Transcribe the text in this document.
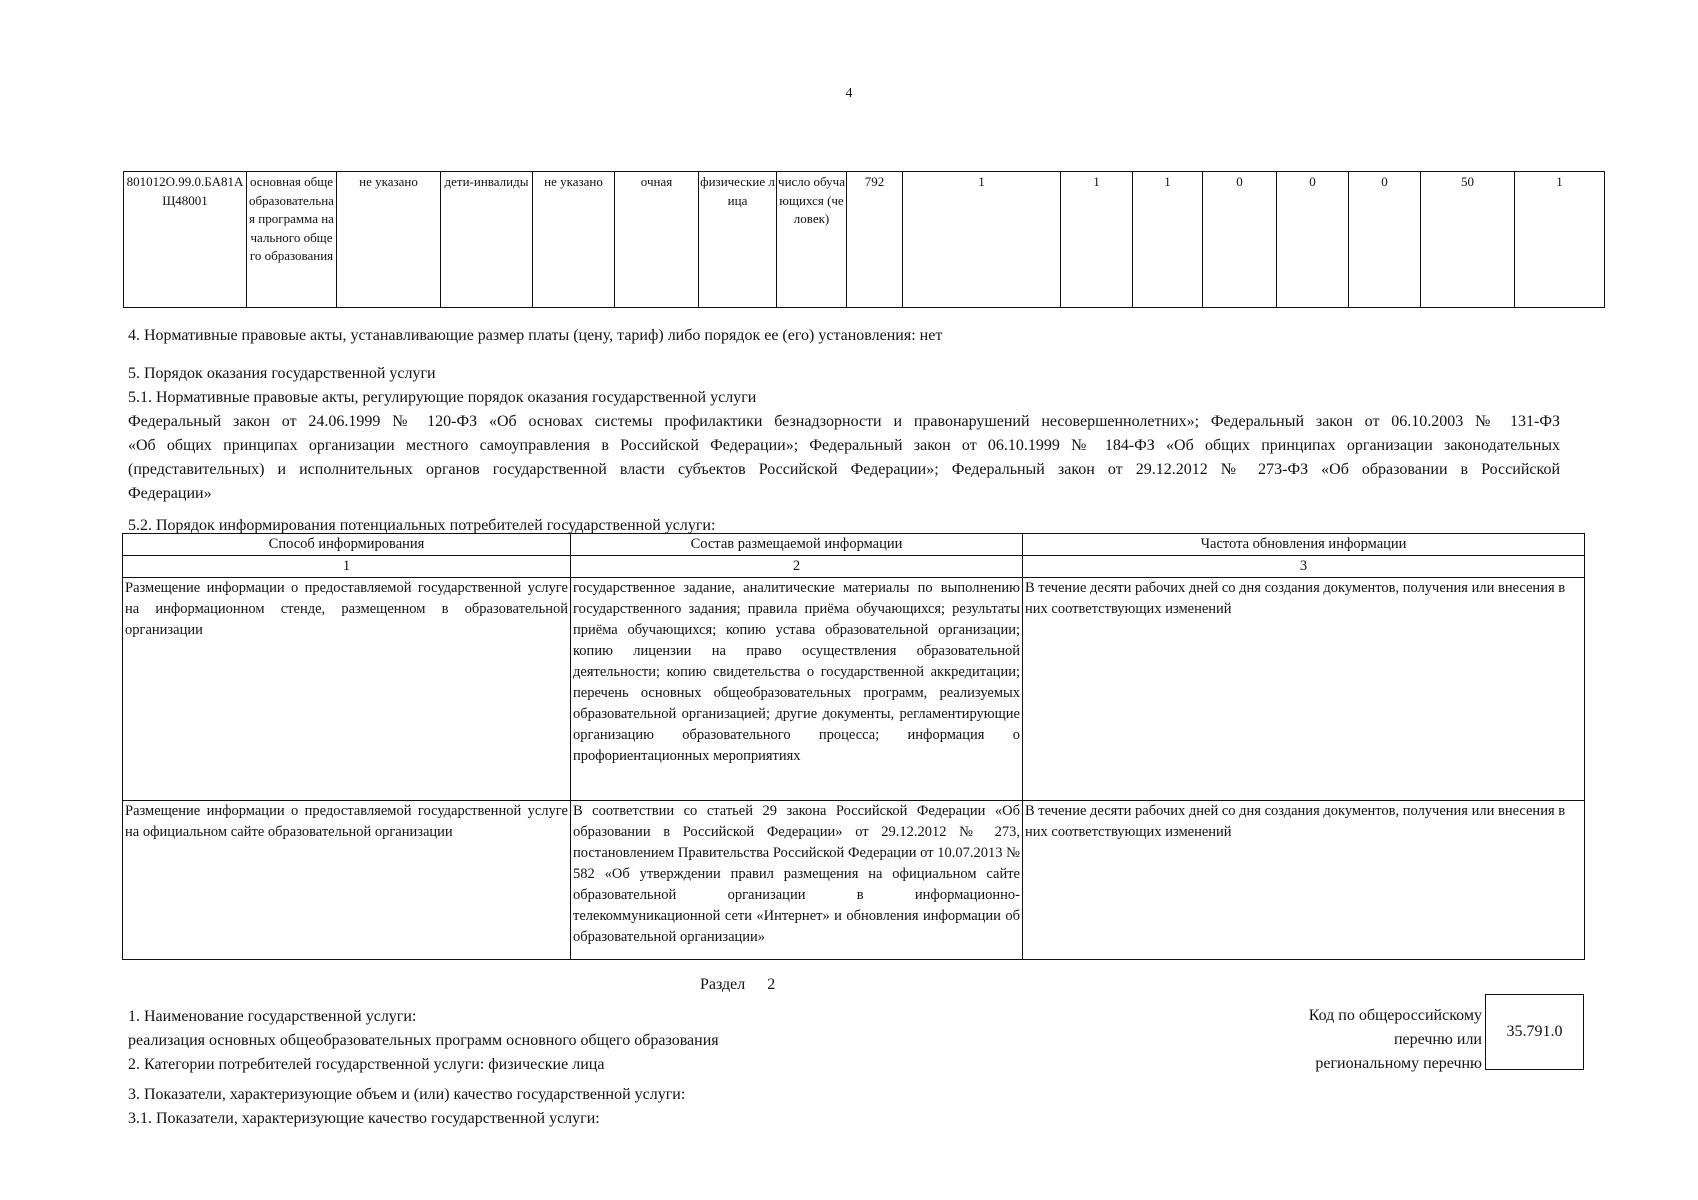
4
801012О.99.0.БА81АЩ48001	основная общеобразовательная программа начального общего образования	не указано	дети-инвалиды	не указано	очная	физические лица	число обучающихся (человек)	792	1	1	1	0	0	0	50	1
4. Нормативные правовые акты, устанавливающие размер платы (цену, тариф) либо порядок ее (его) установления: нет
5. Порядок оказания государственной услуги
5.1. Нормативные правовые акты, регулирующие порядок оказания государственной услуги
Федеральный закон от 24.06.1999 № 120-ФЗ «Об основах системы профилактики безнадзорности и правонарушений несовершеннолетних»; Федеральный закон от 06.10.2003 № 131-ФЗ
«Об общих принципах организации местного самоуправления в Российской Федерации»; Федеральный закон от 06.10.1999 № 184-ФЗ «Об общих принципах организации законодательных
(представительных) и исполнительных органов государственной власти субъектов Российской Федерации»; Федеральный закон от 29.12.2012 № 273-ФЗ «Об образовании в Российской
Федерации»
5.2. Порядок информирования потенциальных потребителей государственной услуги:
Способ информирования	Состав размещаемой информации	Частота обновления информации
1	2	3
Размещение информации о предоставляемой государственной услуге на информационном стенде, размещенном в образовательной организации	государственное задание, аналитические материалы по выполнению государственного задания; правила приёма обучающихся; результаты приёма обучающихся; копию устава образовательной организации; копию лицензии на право осуществления образовательной деятельности; копию свидетельства о государственной аккредитации; перечень основных общеобразовательных программ, реализуемых образовательной организацией; другие документы, регламентирующие организацию образовательного процесса; информация о профориентационных мероприятиях	В течение десяти рабочих дней со дня создания документов, получения или внесения в них соответствующих изменений
Размещение информации о предоставляемой государственной услуге на официальном сайте образовательной организации	В соответствии со статьей 29 закона Российской Федерации «Об образовании в Российской Федерации» от 29.12.2012 № 273, постановлением Правительства Российской Федерации от 10.07.2013 № 582 «Об утверждении правил размещения на официальном сайте образовательной организации в информационно-телекоммуникационной сети «Интернет» и обновления информации об образовательной организации»	В течение десяти рабочих дней со дня создания документов, получения или внесения в них соответствующих изменений
Раздел 2
1. Наименование государственной услуги:
реализация основных общеобразовательных программ основного общего образования
2. Категории потребителей государственной услуги: физические лица
3. Показатели, характеризующие объем и (или) качество государственной услуги:
3.1. Показатели, характеризующие качество государственной услуги:
Код по общероссийскому
перечню или
региональному перечню
35.791.0
